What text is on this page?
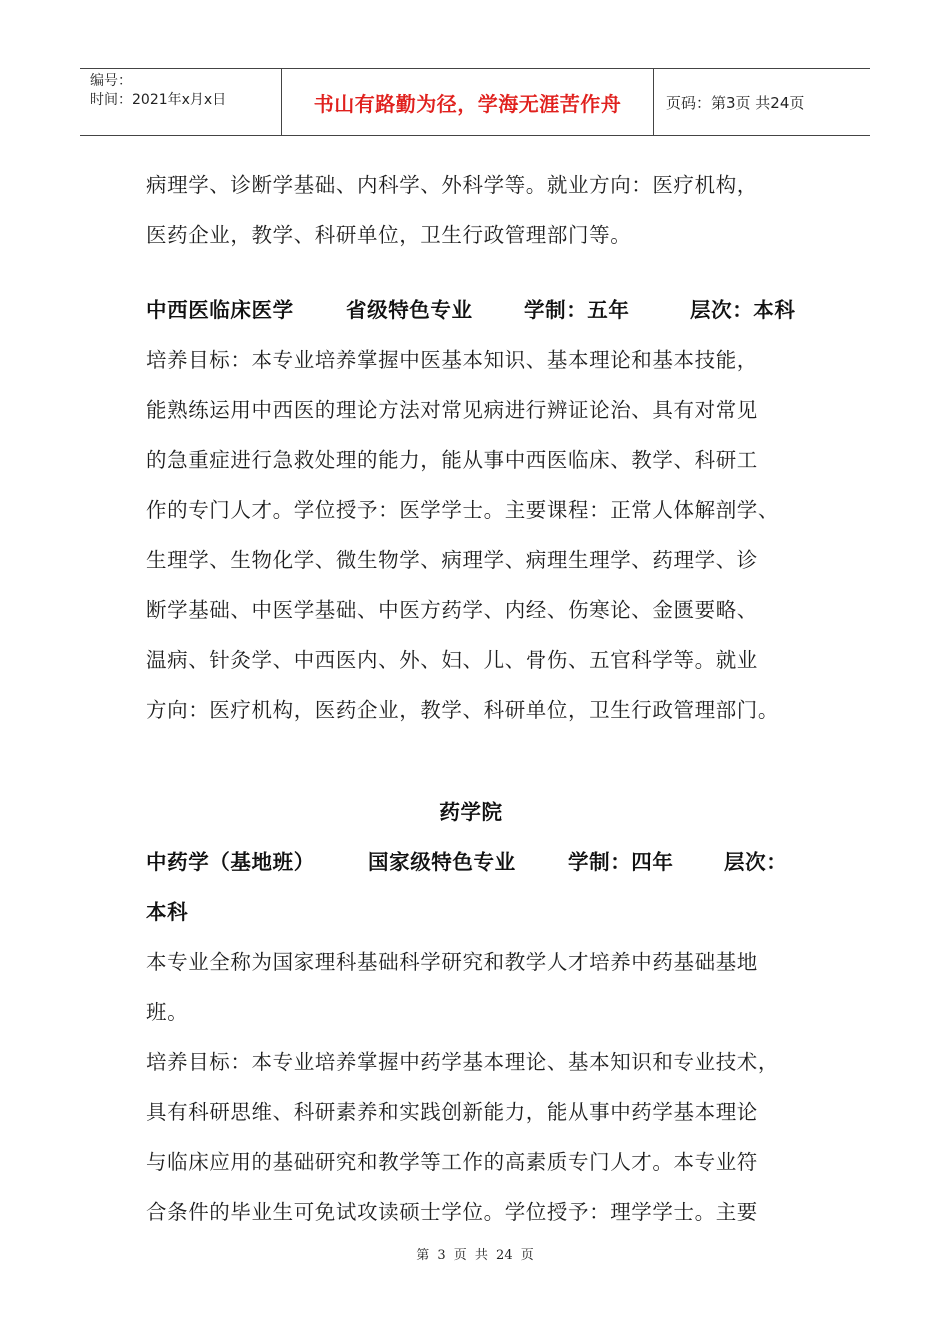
编号：
时间：2021年x月x日	书山有路勤为径，学海无涯苦作舟	页码：第3页 共24页
病理学、诊断学基础、内科学、外科学等。就业方向：医疗机构，
医药企业，教学、科研单位，卫生行政管理部门等。
中西医临床医学	省级特色专业	学制：五年	层次：本科
培养目标：本专业培养掌握中医基本知识、基本理论和基本技能，
能熟练运用中西医的理论方法对常见病进行辨证论治、具有对常见
的急重症进行急救处理的能力，能从事中西医临床、教学、科研工
作的专门人才。学位授予：医学学士。主要课程：正常人体解剖学、
生理学、生物化学、微生物学、病理学、病理生理学、药理学、诊
断学基础、中医学基础、中医方药学、内经、伤寒论、金匮要略、
温病、针灸学、中西医内、外、妇、儿、骨伤、五官科学等。就业
方向：医疗机构，医药企业，教学、科研单位，卫生行政管理部门。
药学院
中药学（基地班）	国家级特色专业	学制：四年 层次：
本科
本专业全称为国家理科基础科学研究和教学人才培养中药基础基地
班。
培养目标：本专业培养掌握中药学基本理论、基本知识和专业技术，
具有科研思维、科研素养和实践创新能力，能从事中药学基本理论
与临床应用的基础研究和教学等工作的高素质专门人才。本专业符
合条件的毕业生可免试攻读硕士学位。学位授予：理学学士。主要
第 3 页 共 24 页
